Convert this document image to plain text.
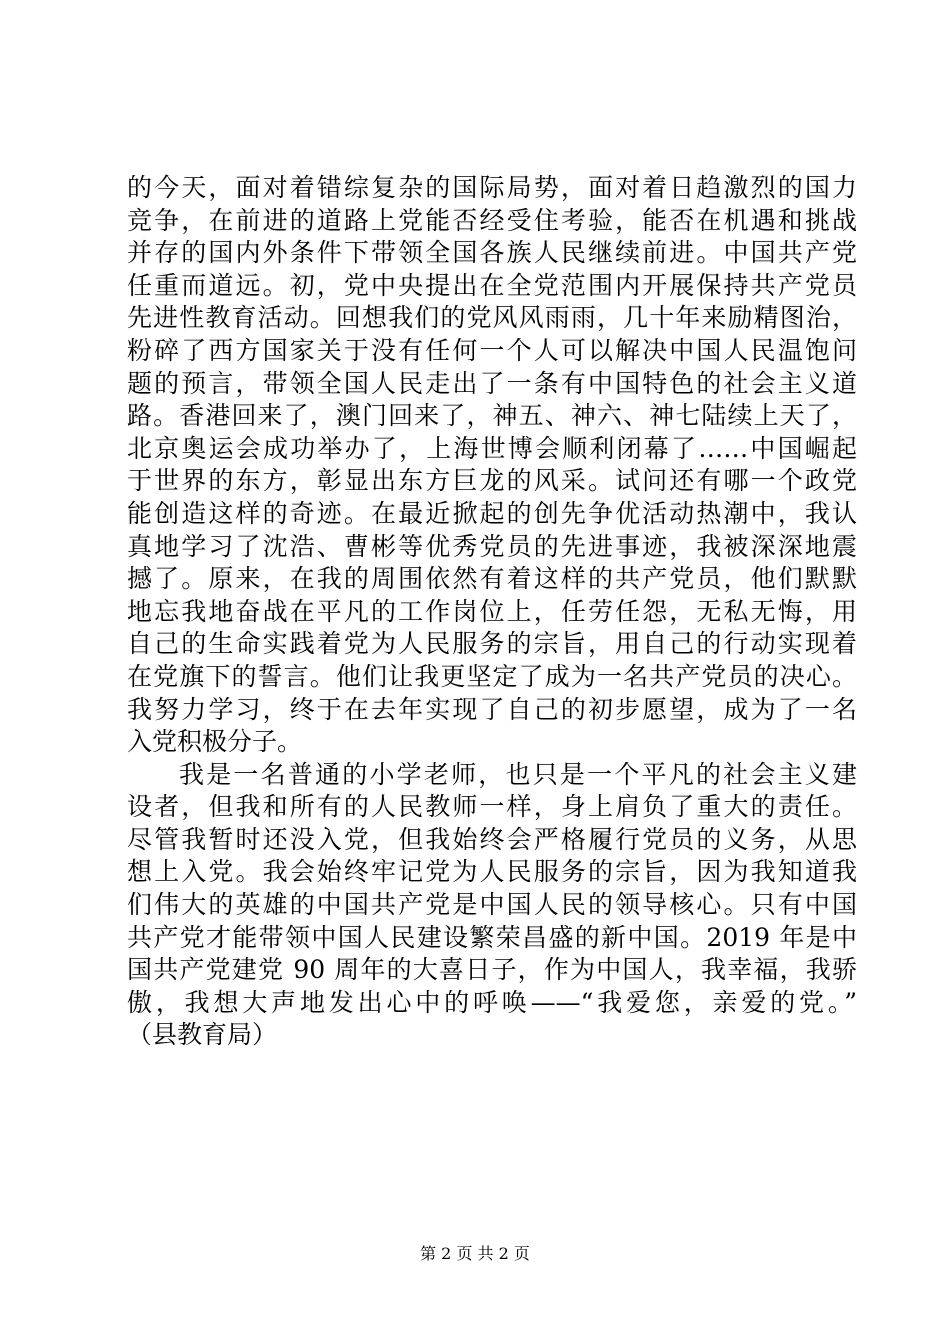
的今天，面对着错综复杂的国际局势，面对着日趋激烈的国力
竞争，在前进的道路上党能否经受住考验，能否在机遇和挑战
并存的国内外条件下带领全国各族人民继续前进。中国共产党
任重而道远。初，党中央提出在全党范围内开展保持共产党员
先进性教育活动。回想我们的党风风雨雨，几十年来励精图治，
粉碎了西方国家关于没有任何一个人可以解决中国人民温饱问
题的预言，带领全国人民走出了一条有中国特色的社会主义道
路。香港回来了，澳门回来了，神五、神六、神七陆续上天了，
北京奥运会成功举办了，上海世博会顺利闭幕了……中国崛起
于世界的东方，彰显出东方巨龙的风采。试问还有哪一个政党
能创造这样的奇迹。在最近掀起的创先争优活动热潮中，我认
真地学习了沈浩、曹彬等优秀党员的先进事迹，我被深深地震
撼了。原来，在我的周围依然有着这样的共产党员，他们默默
地忘我地奋战在平凡的工作岗位上，任劳任怨，无私无悔，用
自己的生命实践着党为人民服务的宗旨，用自己的行动实现着
在党旗下的誓言。他们让我更坚定了成为一名共产党员的决心。
我努力学习，终于在去年实现了自己的初步愿望，成为了一名
入党积极分子。
我是一名普通的小学老师，也只是一个平凡的社会主义建
设者，但我和所有的人民教师一样，身上肩负了重大的责任。
尽管我暂时还没入党，但我始终会严格履行党员的义务，从思
想上入党。我会始终牢记党为人民服务的宗旨，因为我知道我
们伟大的英雄的中国共产党是中国人民的领导核心。只有中国
共产党才能带领中国人民建设繁荣昌盛的新中国。2019 年是中
国共产党建党 90 周年的大喜日子，作为中国人，我幸福，我骄
傲，我想大声地发出心中的呼唤——“我爱您，亲爱的党。”
（县教育局）
第 2 页 共 2 页
